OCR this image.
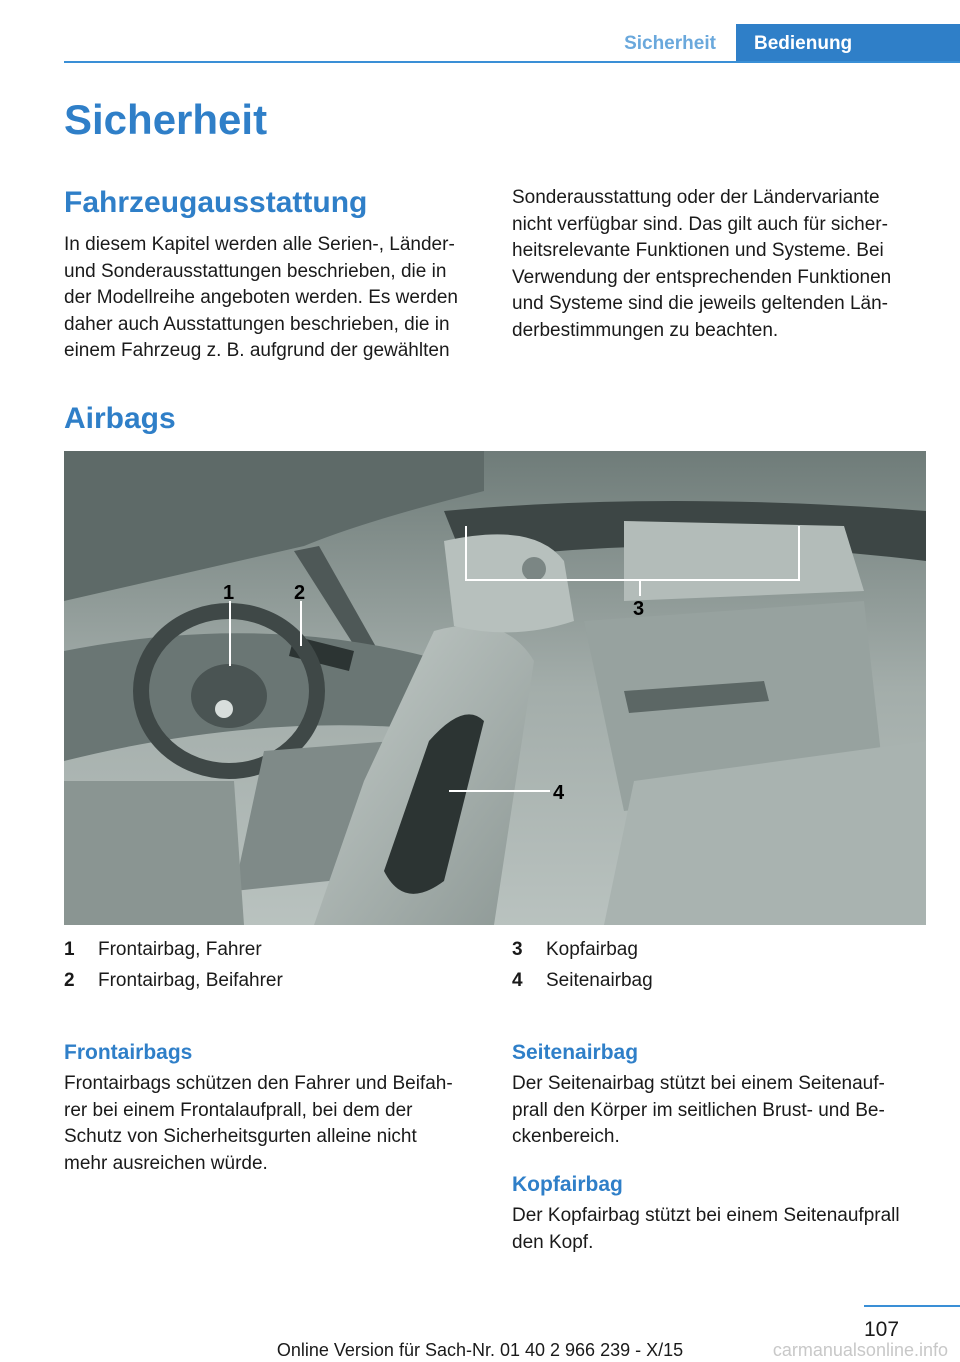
Sicherheit	Bedienung
Sicherheit
Fahrzeugausstattung
In diesem Kapitel werden alle Serien-, Länder-
und Sonderausstattungen beschrieben, die in
der Modellreihe angeboten werden. Es werden
daher auch Ausstattungen beschrieben, die in
einem Fahrzeug z. B. aufgrund der gewählten
Sonderausstattung oder der Ländervariante
nicht verfügbar sind. Das gilt auch für sicher-
heitsrelevante Funktionen und Systeme. Bei
Verwendung der entsprechenden Funktionen
und Systeme sind die jeweils geltenden Län-
derbestimmungen zu beachten.
Airbags
1	2
3
4
1	Frontairbag, Fahrer
2	Frontairbag, Beifahrer
3	Kopfairbag
4	Seitenairbag
Frontairbags
Frontairbags schützen den Fahrer und Beifah-
rer bei einem Frontalaufprall, bei dem der
Schutz von Sicherheitsgurten alleine nicht
mehr ausreichen würde.
Seitenairbag
Der Seitenairbag stützt bei einem Seitenauf-
prall den Körper im seitlichen Brust- und Be-
ckenbereich.
Kopfairbag
Der Kopfairbag stützt bei einem Seitenaufprall
den Kopf.
107
Online Version für Sach-Nr. 01 40 2 966 239 - X/15	carmanualsonline.info
